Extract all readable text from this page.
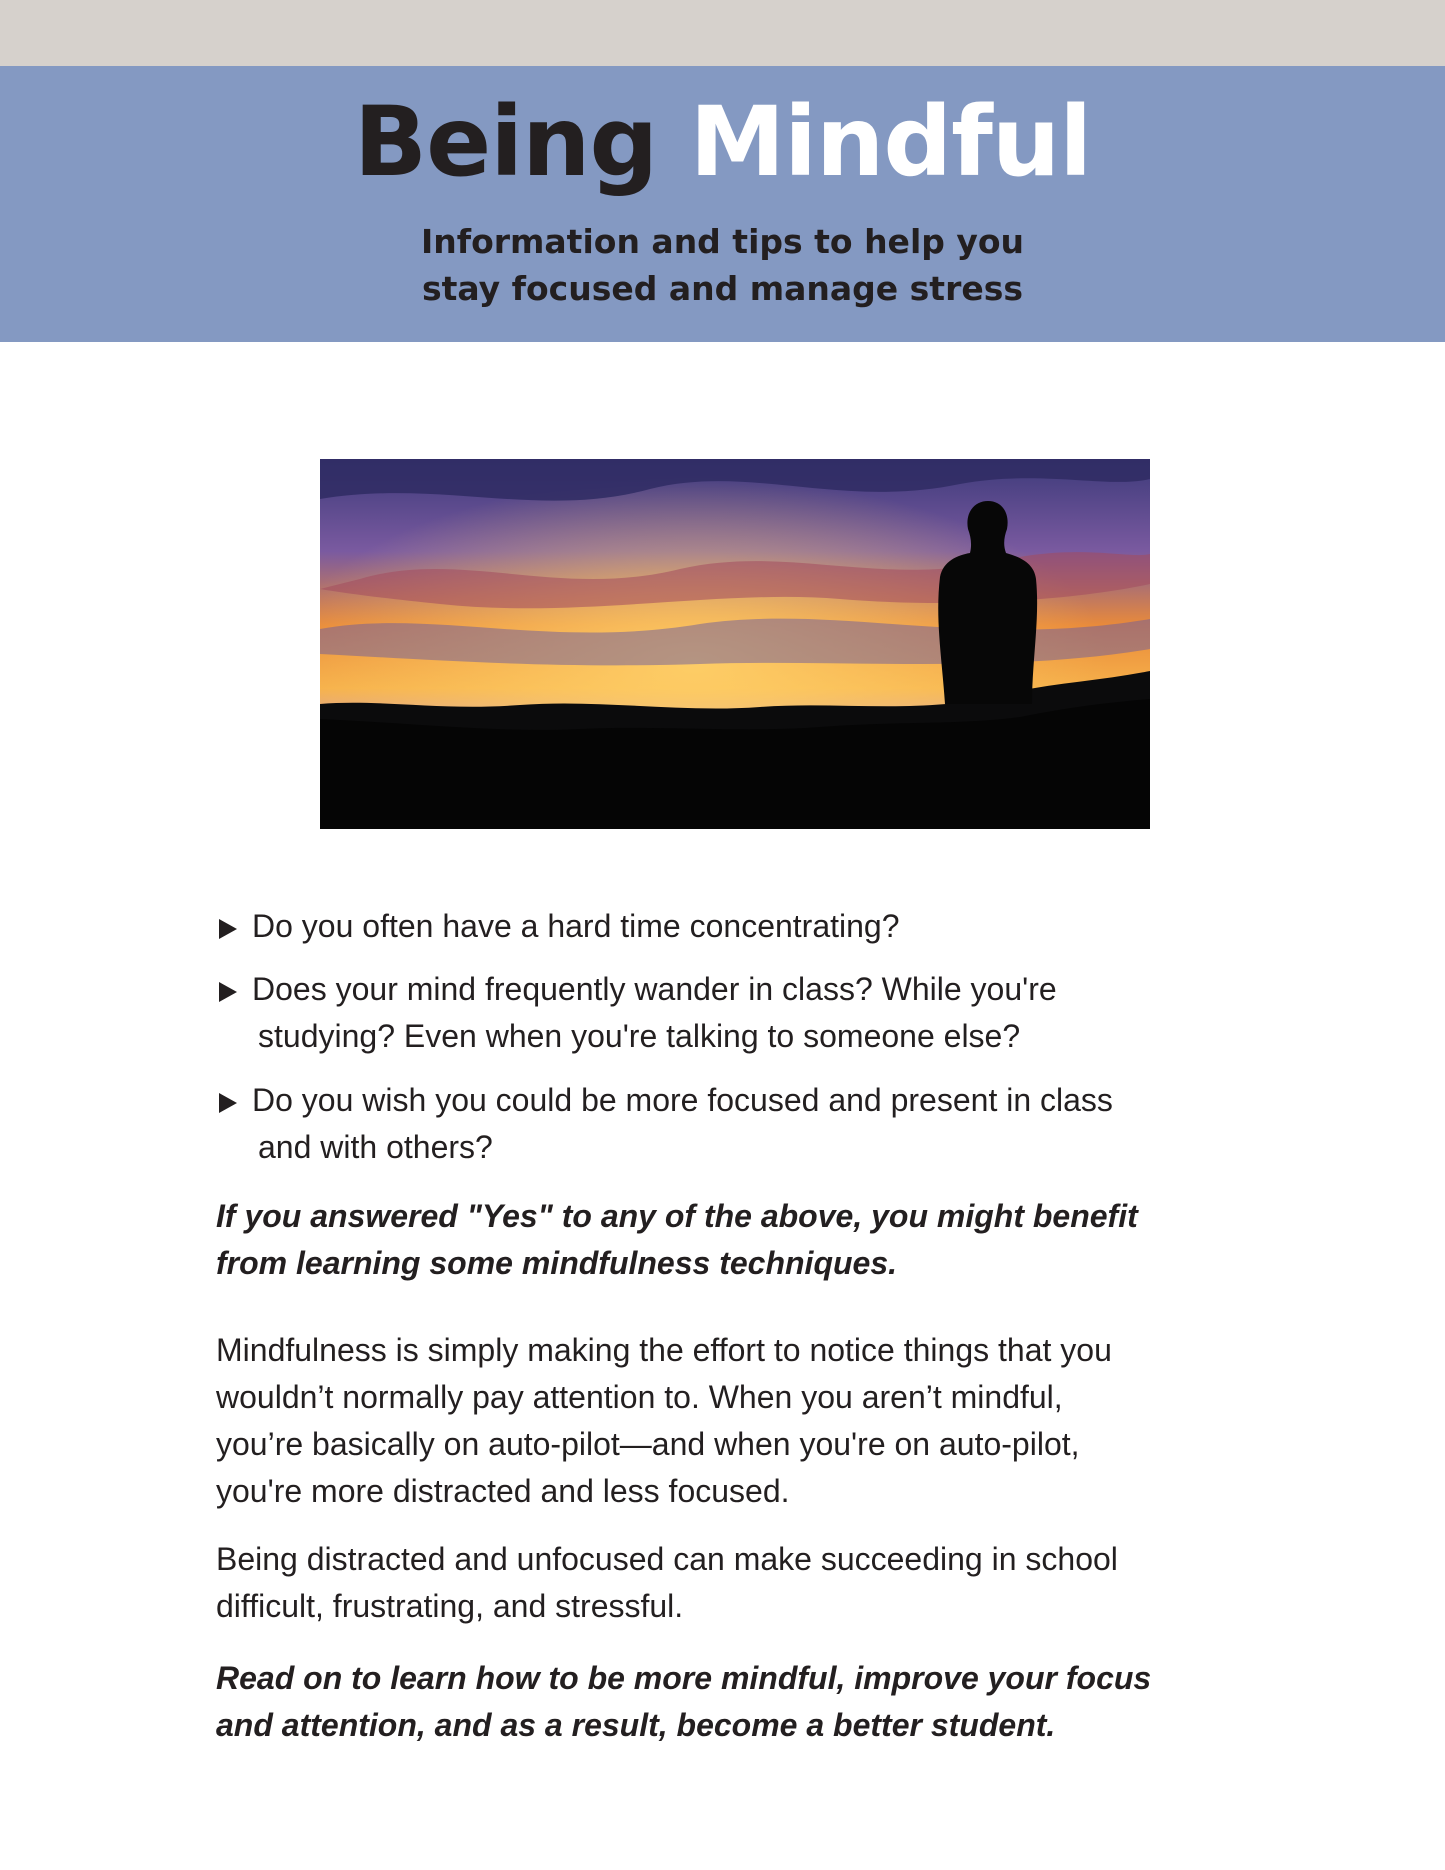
Being Mindful

Information and tips to help you
stay focused and manage stress

Do you often have a hard time concentrating?
Does your mind frequently wander in class? While you're
studying? Even when you're talking to someone else?
Do you wish you could be more focused and present in class
and with others?

If you answered "Yes" to any of the above, you might benefit
from learning some mindfulness techniques.

Mindfulness is simply making the effort to notice things that you
wouldn’t normally pay attention to. When you aren’t mindful,
you’re basically on auto-pilot—and when you're on auto-pilot,
you're more distracted and less focused.

Being distracted and unfocused can make succeeding in school
difficult, frustrating, and stressful.

Read on to learn how to be more mindful, improve your focus
and attention, and as a result, become a better student.
